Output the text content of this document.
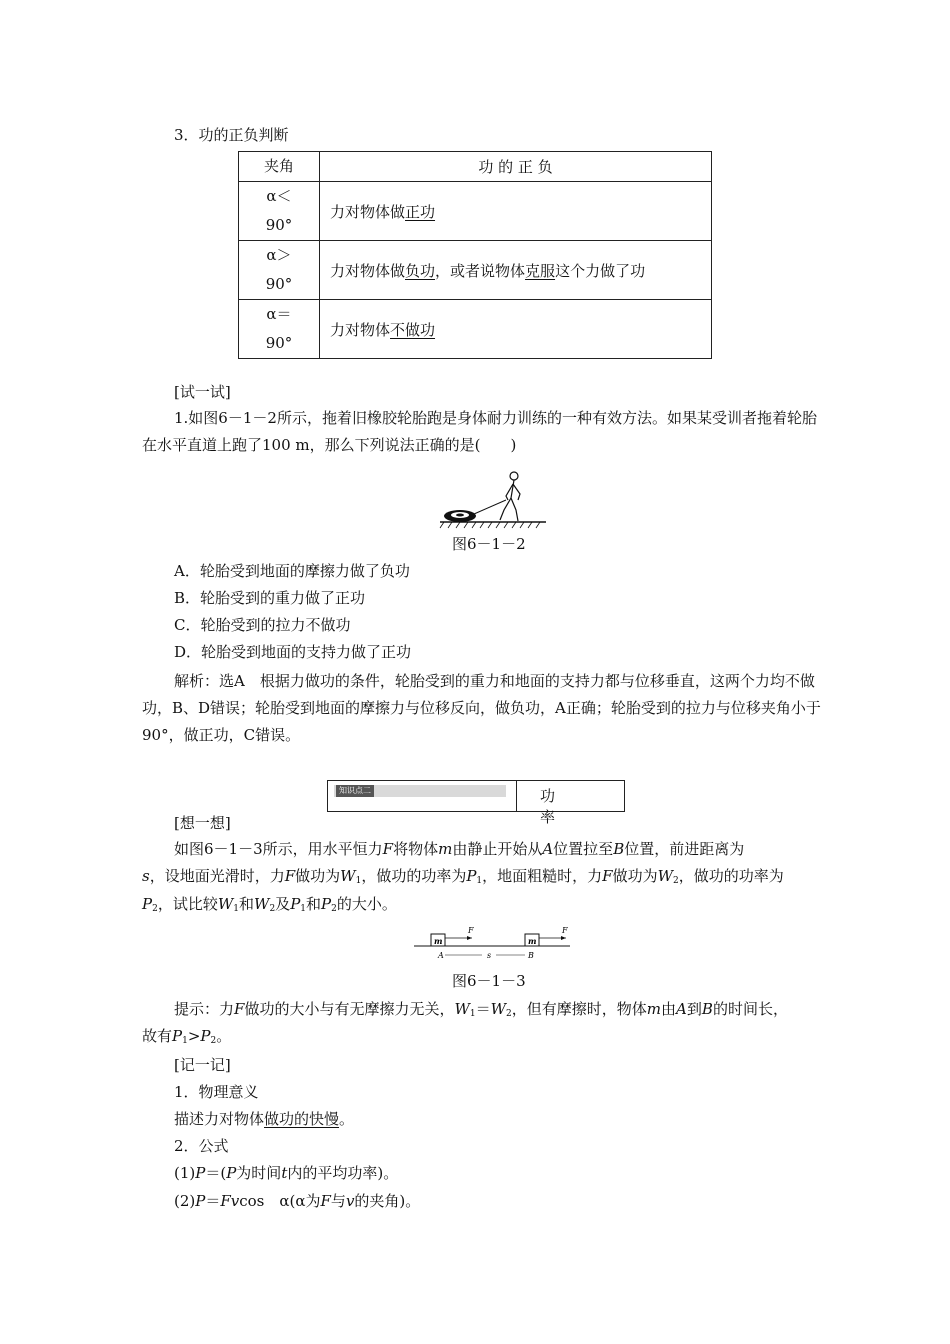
3．功的正负判断
夹角	功 的 正 负

α＜
90°	力对物体做正功

α＞
90°	力对物体做负功，或者说物体克服这个力做了功

α＝
90°	力对物体不做功
[试一试]
1.如图6－1－2所示，拖着旧橡胶轮胎跑是身体耐力训练的一种有效方法。如果某受训者拖着轮胎在水平直道上跑了100 m，那么下列说法正确的是(　　)
图6－1－2
A．轮胎受到地面的摩擦力做了负功
B．轮胎受到的重力做了正功
C．轮胎受到的拉力不做功
D．轮胎受到地面的支持力做了正功
解析：选A　根据力做功的条件，轮胎受到的重力和地面的支持力都与位移垂直，这两个力均不做功，B、D错误；轮胎受到地面的摩擦力与位移反向，做负功，A正确；轮胎受到的拉力与位移夹角小于90°，做正功，C错误。
知识点二	功率
[想一想]
如图6－1－3所示，用水平恒力F将物体m由静止开始从A位置拉至B位置，前进距离为
s，设地面光滑时，力F做功为$W_1$，做功的功率为$P_1$，地面粗糙时，力F做功为$W_2$，做功的功率为
$P_2$，试比较$W_1$和$W_2$及$P_1$和$P_2$的大小。
m
F
m
F
A	B
s
图6－1－3
提示：力F做功的大小与有无摩擦力无关，$W_1=W_2$，但有摩擦时，物体m由A到B的时间长，
故有$P_1>P_2$。
[记一记]
1．物理意义
描述力对物体做功的快慢。
2．公式
(1)P＝(P为时间t内的平均功率)。
(2)P＝Fvcos　α(α为F与v的夹角)。
